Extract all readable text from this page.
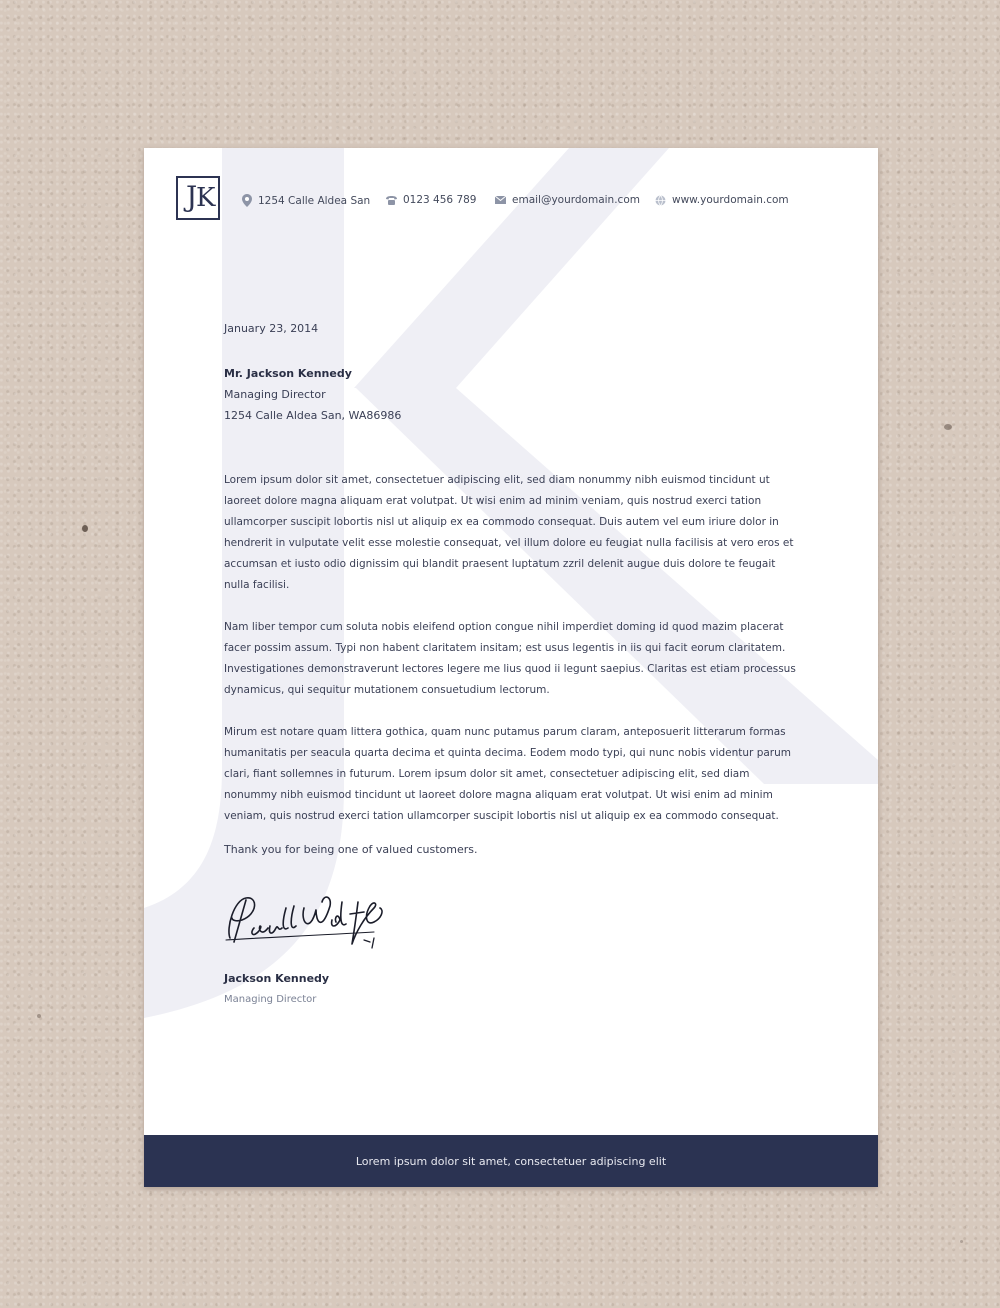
J
K	1254 Calle Aldea San	0123 456 789	email@yourdomain.com	www.yourdomain.com
January 23, 2014
Mr. Jackson Kennedy
Managing Director
1254 Calle Aldea San, WA86986

Lorem ipsum dolor sit amet, consectetuer adipiscing elit, sed diam nonummy nibh euismod tincidunt ut laoreet dolore magna aliquam erat volutpat. Ut wisi enim ad minim veniam, quis nostrud exerci tation ullamcorper suscipit lobortis nisl ut aliquip ex ea commodo consequat. Duis autem vel eum iriure dolor in hendrerit in vulputate velit esse molestie consequat, vel illum dolore eu feugiat nulla facilisis at vero eros et accumsan et iusto odio dignissim qui blandit praesent luptatum zzril delenit augue duis dolore te feugait nulla facilisi.

Nam liber tempor cum soluta nobis eleifend option congue nihil imperdiet doming id quod mazim placerat facer possim assum. Typi non habent claritatem insitam; est usus legentis in iis qui facit eorum claritatem. Investigationes demonstraverunt lectores legere me lius quod ii legunt saepius. Claritas est etiam processus dynamicus, qui sequitur mutationem consuetudium lectorum.

Mirum est notare quam littera gothica, quam nunc putamus parum claram, anteposuerit litterarum formas humanitatis per seacula quarta decima et quinta decima. Eodem modo typi, qui nunc nobis videntur parum clari, fiant sollemnes in futurum. Lorem ipsum dolor sit amet, consectetuer adipiscing elit, sed diam nonummy nibh euismod tincidunt ut laoreet dolore magna aliquam erat volutpat. Ut wisi enim ad minim veniam, quis nostrud exerci tation ullamcorper suscipit lobortis nisl ut aliquip ex ea commodo consequat.

Thank you for being one of valued customers.
Jackson Kennedy
Managing Director
Lorem ipsum dolor sit amet, consectetuer adipiscing elit
